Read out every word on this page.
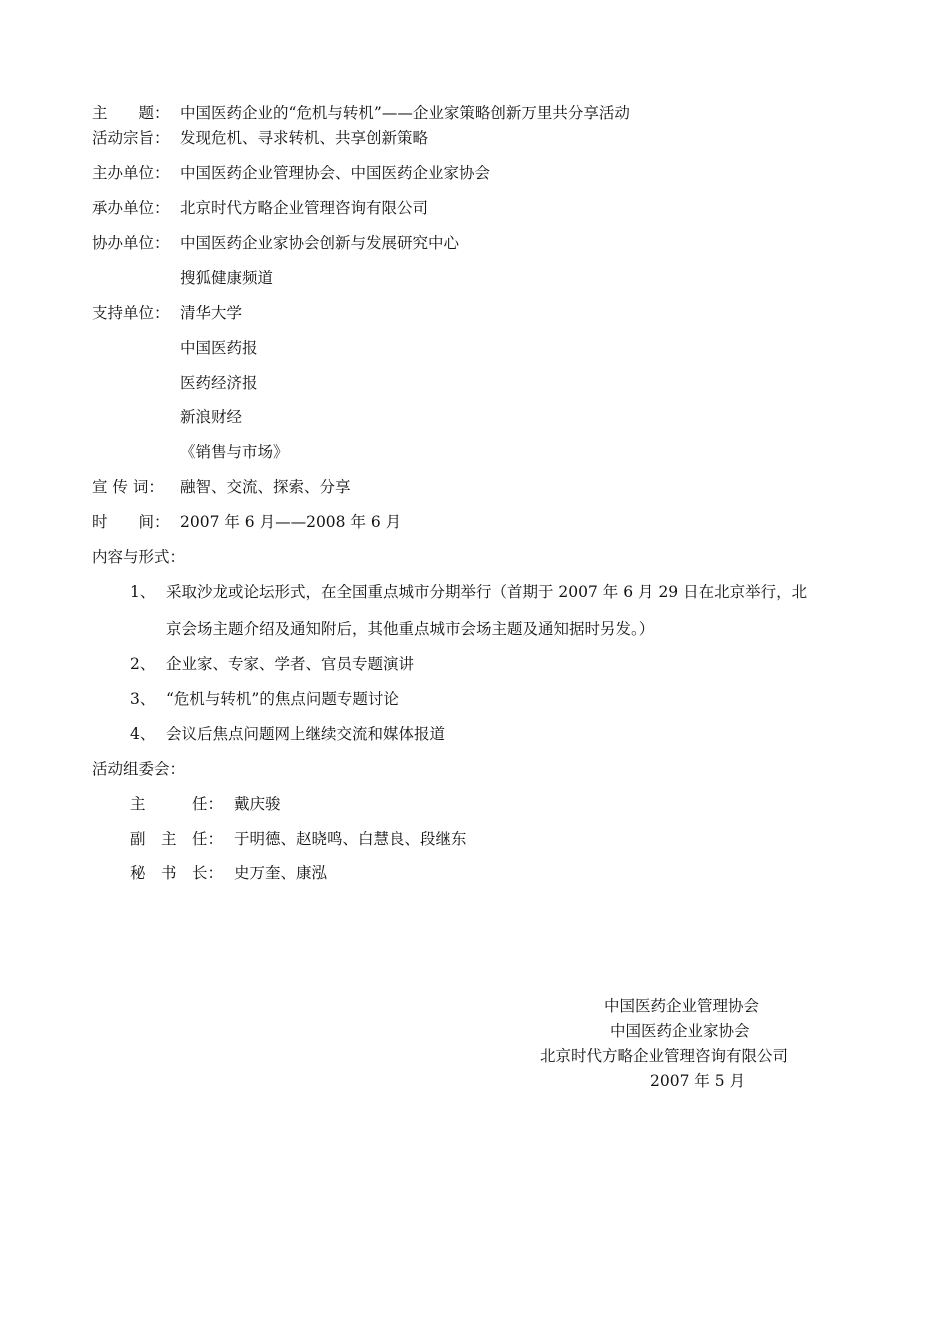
主　　题： 中国医药企业的“危机与转机”——企业家策略创新万里共分享活动
活动宗旨： 发现危机、寻求转机、共享创新策略
主办单位： 中国医药企业管理协会、中国医药企业家协会
承办单位： 北京时代方略企业管理咨询有限公司
协办单位： 中国医药企业家协会创新与发展研究中心
搜狐健康频道
支持单位： 清华大学
中国医药报
医药经济报
新浪财经
《销售与市场》
宣 传 词： 融智、交流、探索、分享
时　　间： 2007 年 6 月——2008 年 6 月
内容与形式：
1、 采取沙龙或论坛形式，在全国重点城市分期举行（首期于 2007 年 6 月 29 日在北京举行，北
京会场主题介绍及通知附后，其他重点城市会场主题及通知据时另发。）
2、 企业家、专家、学者、官员专题演讲
3、 “危机与转机”的焦点问题专题讨论
4、 会议后焦点问题网上继续交流和媒体报道
活动组委会：
主　　　任： 戴庆骏
副　主　任： 于明德、赵晓鸣、白慧良、段继东
秘　书　长： 史万奎、康泓
中国医药企业管理协会
中国医药企业家协会
北京时代方略企业管理咨询有限公司
2007 年 5 月
